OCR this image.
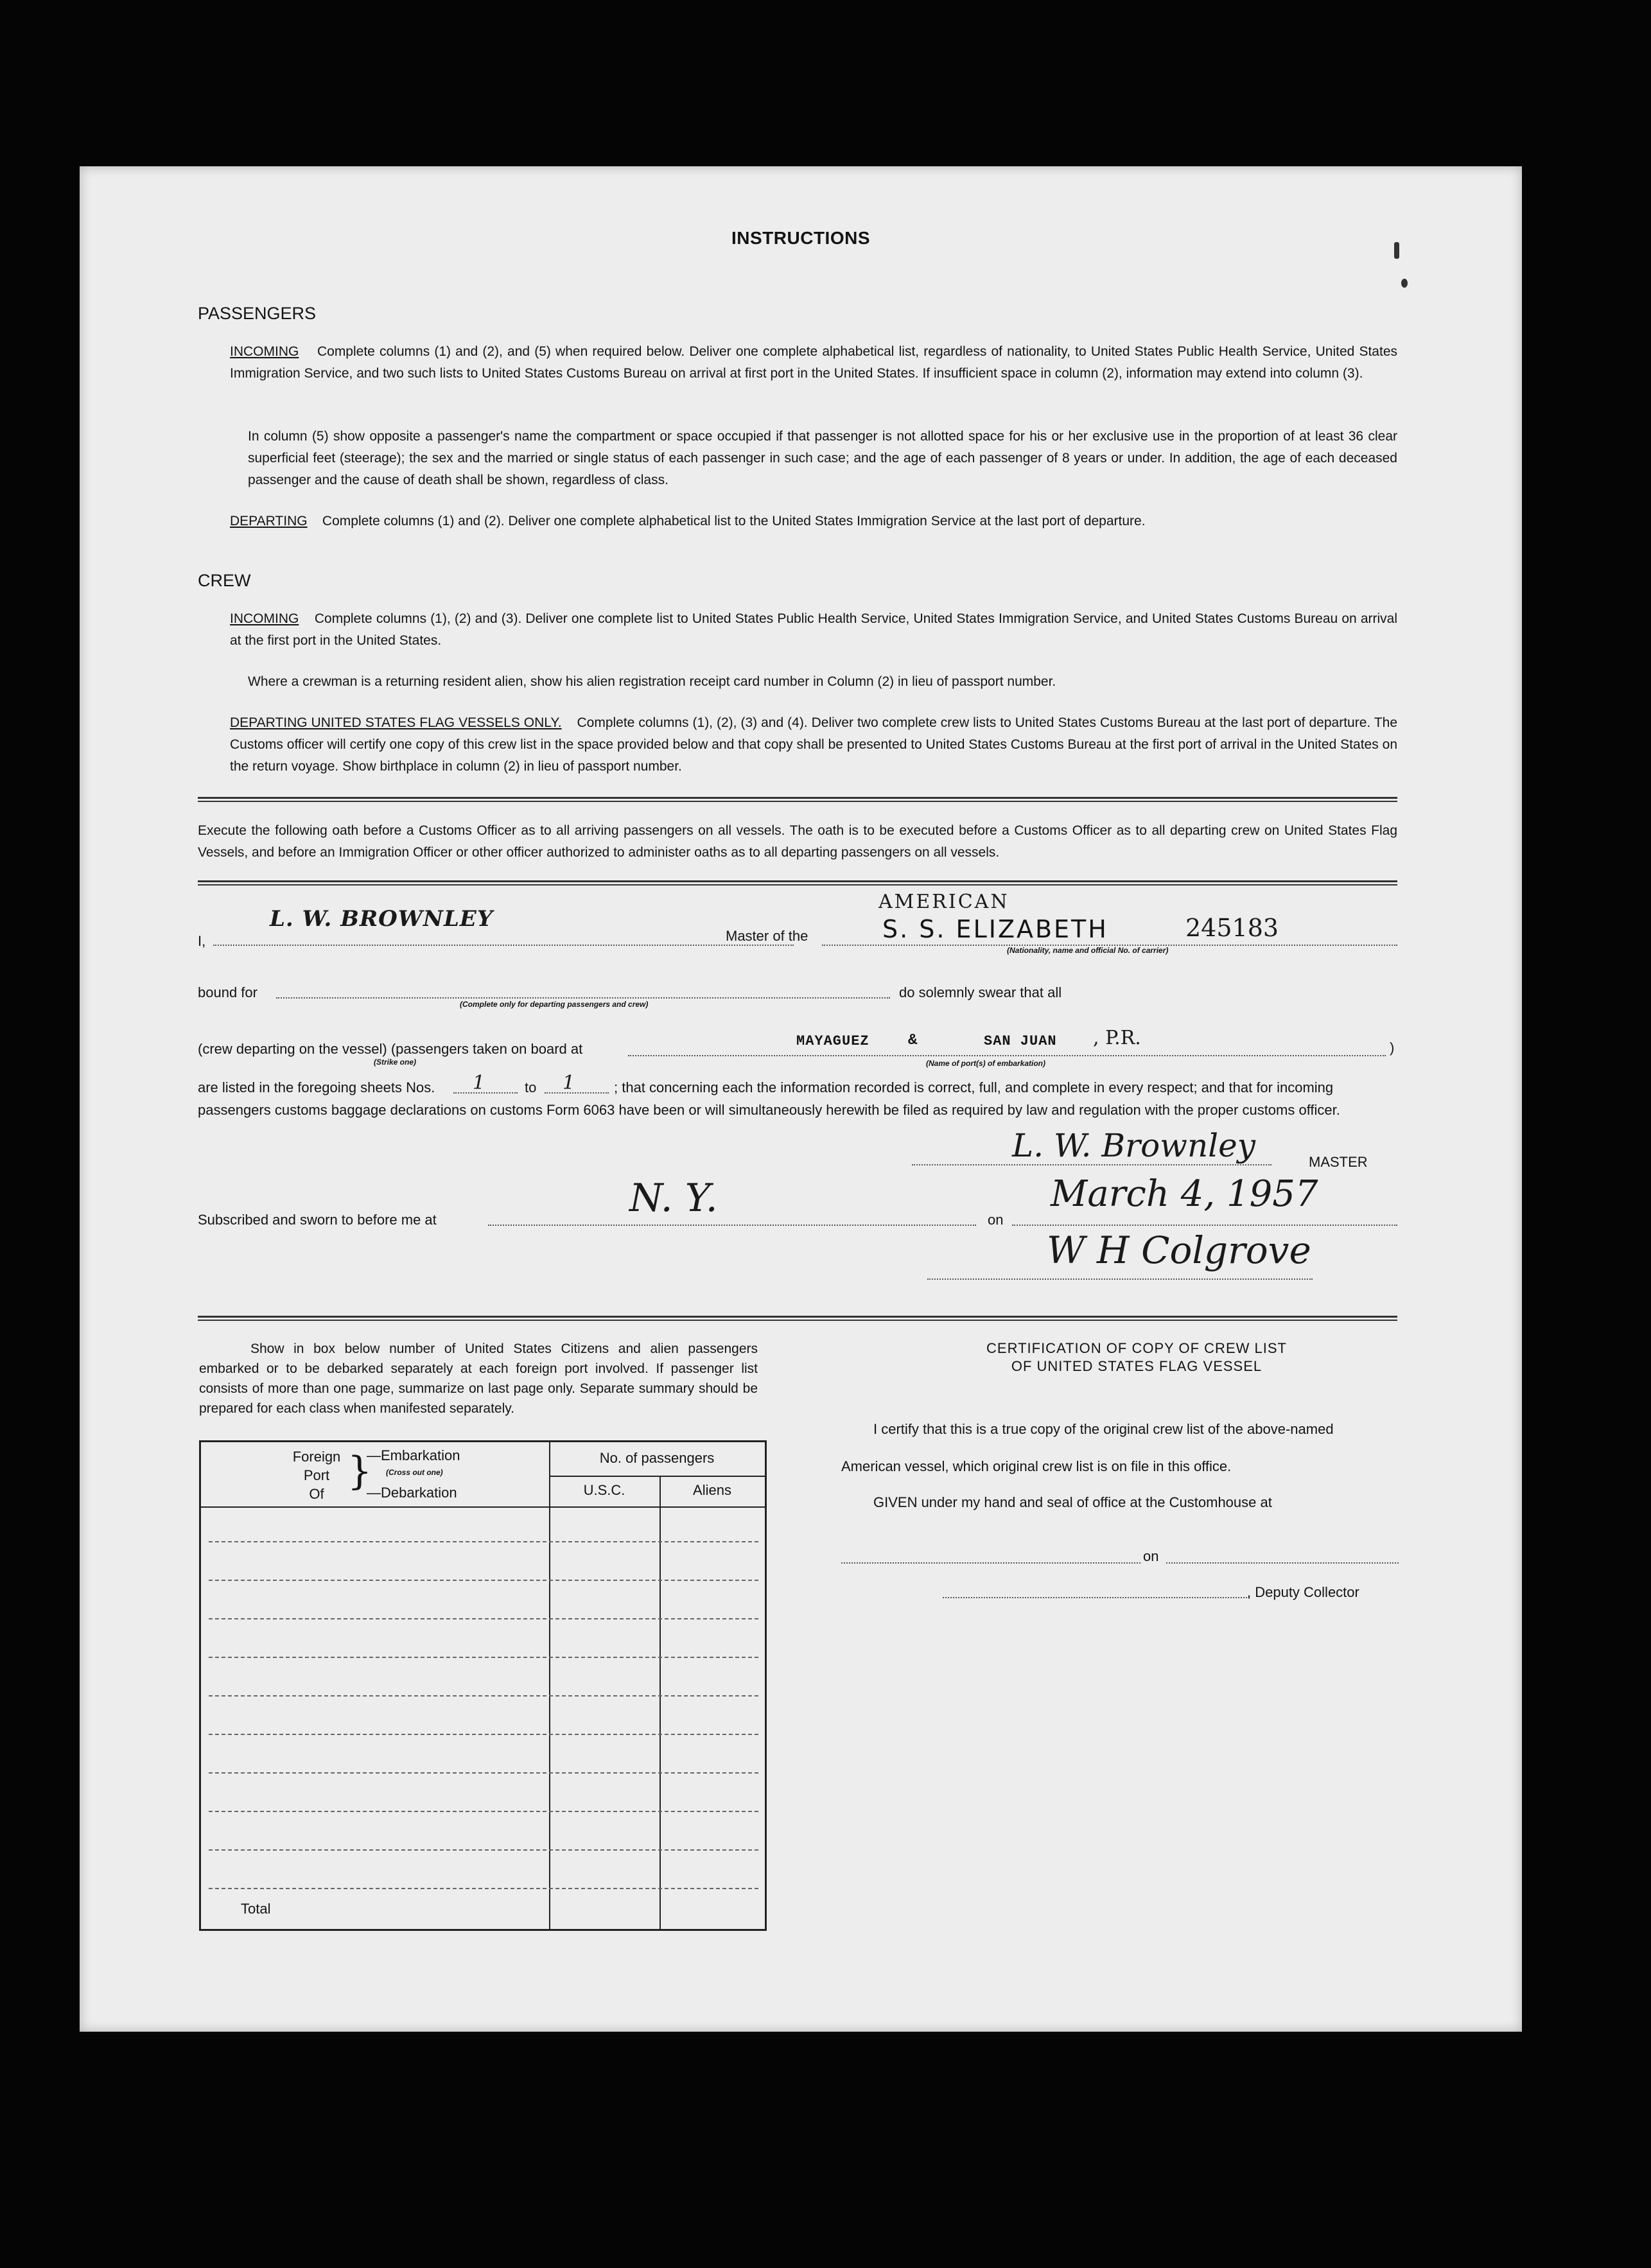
INSTRUCTIONS
PASSENGERS
INCOMING Complete columns (1) and (2), and (5) when required below. Deliver one complete alphabetical list, regardless of nationality, to United States Public Health Service, United States Immigration Service, and two such lists to United States Customs Bureau on arrival at first port in the United States. If insufficient space in column (2), information may extend into column (3).
In column (5) show opposite a passenger's name the compartment or space occupied if that passenger is not allotted space for his or her exclusive use in the proportion of at least 36 clear superficial feet (steerage); the sex and the married or single status of each passenger in such case; and the age of each passenger of 8 years or under. In addition, the age of each deceased passenger and the cause of death shall be shown, regardless of class.
DEPARTING Complete columns (1) and (2). Deliver one complete alphabetical list to the United States Immigration Service at the last port of departure.
CREW
INCOMING Complete columns (1), (2) and (3). Deliver one complete list to United States Public Health Service, United States Immigration Service, and United States Customs Bureau on arrival at the first port in the United States.
Where a crewman is a returning resident alien, show his alien registration receipt card number in Column (2) in lieu of passport number.
DEPARTING UNITED STATES FLAG VESSELS ONLY. Complete columns (1), (2), (3) and (4). Deliver two complete crew lists to United States Customs Bureau at the last port of departure. The Customs officer will certify one copy of this crew list in the space provided below and that copy shall be presented to United States Customs Bureau at the first port of arrival in the United States on the return voyage. Show birthplace in column (2) in lieu of passport number.
Execute the following oath before a Customs Officer as to all arriving passengers on all vessels. The oath is to be executed before a Customs Officer as to all departing crew on United States Flag Vessels, and before an Immigration Officer or other officer authorized to administer oaths as to all departing passengers on all vessels.
I,
L. W. BROWNLEY
Master of the
AMERICAN
S. S. ELIZABETH	245183
(Nationality, name and official No. of carrier)
bound for
(Complete only for departing passengers and crew)
do solemnly swear that all
(crew departing on the vessel) (passengers taken on board at
(Strike one)
MAYAGUEZ	&	SAN JUAN , P.R.	)
(Name of port(s) of embarkation)
are listed in the foregoing sheets Nos. 1	to 1	; that concerning each the information recorded is correct, full, and complete in every respect; and that for incoming
passengers customs baggage declarations on customs Form 6063 have been or will simultaneously herewith be filed as required by law and regulation with the proper customs officer.
L. W. Brownley	MASTER
Subscribed and sworn to before me at	N. Y.	on
March 4, 1957
W H Colgrove
Show in box below number of United States Citizens and alien passengers embarked or to be debarked separately at each foreign port involved. If passenger list consists of more than one page, summarize on last page only. Separate summary should be prepared for each class when manifested separately.
Foreign
Port
Of
}
—Embarkation
(Cross out one)
—Debarkation
No. of passengers
U.S.C.	Aliens
Total
CERTIFICATION OF COPY OF CREW LIST
OF UNITED STATES FLAG VESSEL
I certify that this is a true copy of the original crew list of the above-named
American vessel, which original crew list is on file in this office.
GIVEN under my hand and seal of office at the Customhouse at
on
, Deputy Collector
